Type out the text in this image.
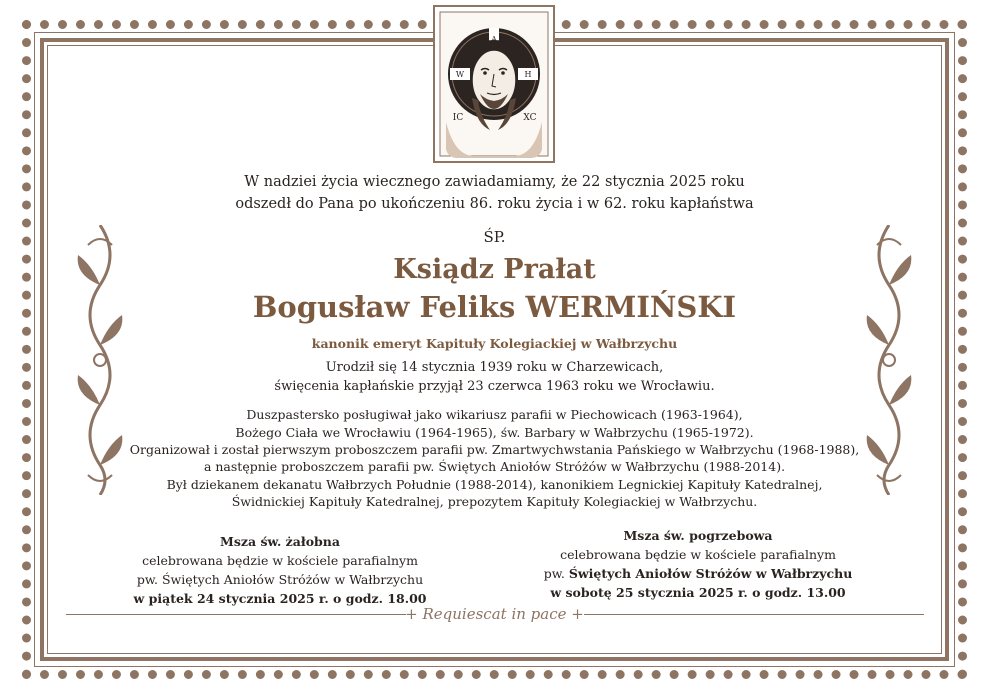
A
W	H
IC	XC
W nadziei życia wiecznego zawiadamiamy, że 22 stycznia 2025 roku
odszedł do Pana po ukończeniu 86. roku życia i w 62. roku kapłaństwa
ŚP.
Ksiądz Prałat
Bogusław Feliks WERMIŃSKI
kanonik emeryt Kapituły Kolegiackiej w Wałbrzychu
Urodził się 14 stycznia 1939 roku w Charzewicach,
święcenia kapłańskie przyjął 23 czerwca 1963 roku we Wrocławiu.
Duszpastersko posługiwał jako wikariusz parafii w Piechowicach (1963-1964),
Bożego Ciała we Wrocławiu (1964-1965), św. Barbary w Wałbrzychu (1965-1972).
Organizował i został pierwszym proboszczem parafii pw. Zmartwychwstania Pańskiego w Wałbrzychu (1968-1988),
a następnie proboszczem parafii pw. Świętych Aniołów Stróżów w Wałbrzychu (1988-2014).
Był dziekanem dekanatu Wałbrzych Południe (1988-2014), kanonikiem Legnickiej Kapituły Katedralnej,
Świdnickiej Kapituły Katedralnej, prepozytem Kapituły Kolegiackiej w Wałbrzychu.
Msza św. żałobna
celebrowana będzie w kościele parafialnym
pw. Świętych Aniołów Stróżów w Wałbrzychu
w piątek 24 stycznia 2025 r. o godz. 18.00
Msza św. pogrzebowa
celebrowana będzie w kościele parafialnym
pw. Świętych Aniołów Stróżów w Wałbrzychu
w sobotę 25 stycznia 2025 r. o godz. 13.00
+ Requiescat in pace +
